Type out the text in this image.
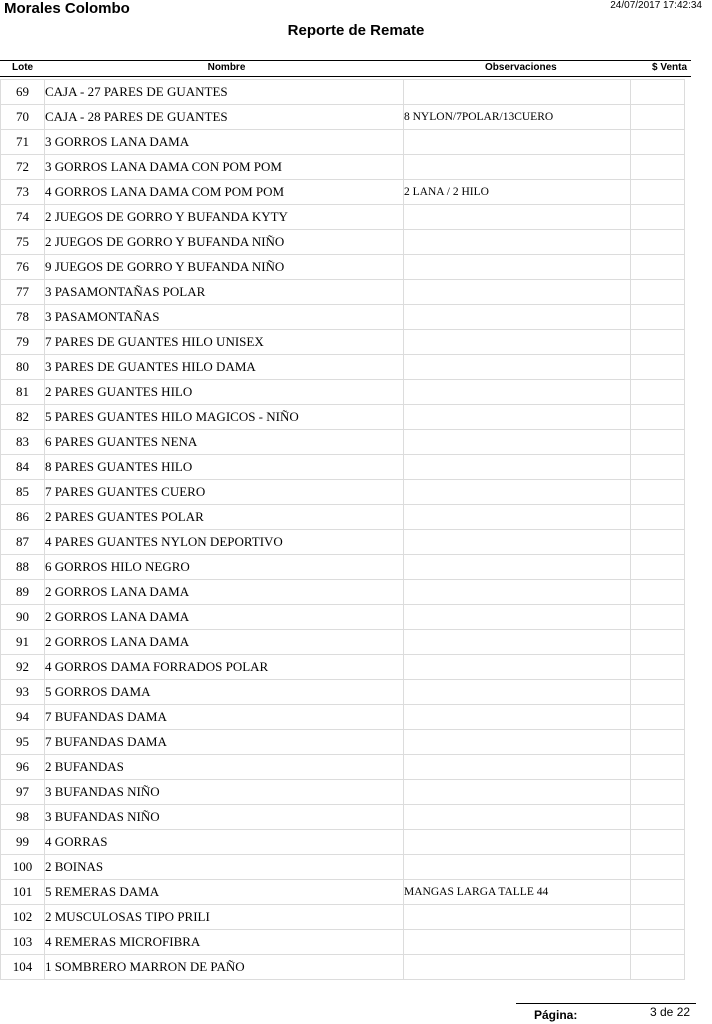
Morales Colombo	24/07/2017 17:42:34
Reporte de Remate
Lote	Nombre	Observaciones	$ Venta
69	CAJA - 27 PARES DE GUANTES		
70	CAJA - 28 PARES DE GUANTES	8 NYLON/7POLAR/13CUERO	
71	3 GORROS LANA DAMA		
72	3 GORROS LANA DAMA CON POM POM		
73	4 GORROS LANA DAMA COM POM POM	2 LANA / 2 HILO	
74	2 JUEGOS DE GORRO Y BUFANDA KYTY		
75	2 JUEGOS DE GORRO Y BUFANDA NIÑO		
76	9 JUEGOS DE GORRO Y BUFANDA NIÑO		
77	3 PASAMONTAÑAS POLAR		
78	3 PASAMONTAÑAS		
79	7 PARES DE GUANTES HILO UNISEX		
80	3 PARES DE GUANTES HILO DAMA		
81	2 PARES GUANTES HILO		
82	5 PARES GUANTES HILO MAGICOS - NIÑO		
83	6 PARES GUANTES NENA		
84	8 PARES GUANTES HILO		
85	7 PARES GUANTES CUERO		
86	2 PARES GUANTES POLAR		
87	4 PARES GUANTES NYLON DEPORTIVO		
88	6 GORROS HILO NEGRO		
89	2 GORROS LANA DAMA		
90	2 GORROS LANA DAMA		
91	2 GORROS LANA DAMA		
92	4 GORROS DAMA FORRADOS POLAR		
93	5 GORROS DAMA		
94	7 BUFANDAS DAMA		
95	7 BUFANDAS DAMA		
96	2 BUFANDAS		
97	3 BUFANDAS NIÑO		
98	3 BUFANDAS NIÑO		
99	4 GORRAS		
100	2 BOINAS		
101	5 REMERAS DAMA	MANGAS LARGA TALLE 44	
102	2 MUSCULOSAS TIPO PRILI		
103	4 REMERAS MICROFIBRA		
104	1 SOMBRERO MARRON DE PAÑO		
Página:	3 de 22
